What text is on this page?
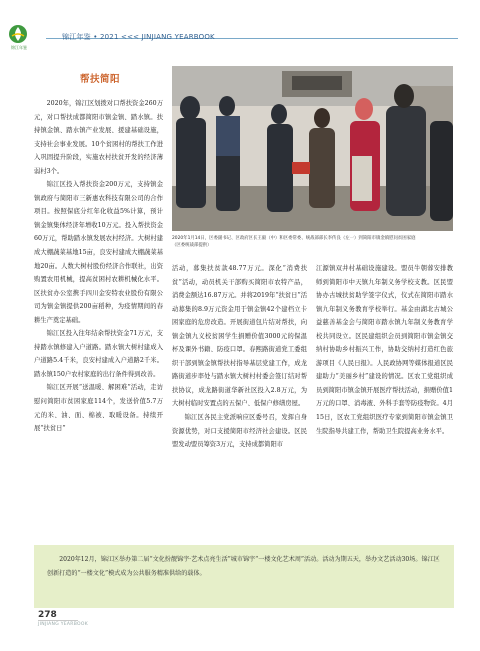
锦江年鉴
锦江年鉴 • 2021 <<< JINJIANG YEARBOOK
帮扶简阳

2020年，锦江区划拨对口帮扶资金260万元，对口帮扶成都简阳市镇金镇、踏水镇。扶持镇金镇、踏水镇产业发展、援建基础设施，支持社会事业发展。10个贫困村的帮扶工作进入巩固提升阶段，实施农村扶贫开发的经济薄弱村3个。

锦江区投入帮扶资金200万元，支持镇金镇政府与简阳市三新惠农科技有限公司的合作项目。按照保底分红年化收益5%计算，预计镇金镇集体经济年增收10万元。投入帮扶资金60万元，帮助踏水镇发展农村经济。大树村建成大棚蔬菜基地15亩，良安村建成大棚蔬菜基地20亩。人数大树村股份经济合作联社，出资购置农用机械，提高贫困村农耕机械化水平。区扶贫办公室携手四川金安特农业股份有限公司为镇金镇提供200亩稻种，为疫情期间的春耕生产奠定基础。

锦江区投入往年结余帮扶资金71万元，支持踏水镇修建入户道路。踏水镇大树村建成入户道路5.4千米，良安村建成入户道路2千米。踏水镇150户农村家庭的出行条件得到改善。

锦江区开展“送温暖、解困难”活动，走访慰问简阳市贫困家庭114个，发送价值5.7万元的米、油、面、棉被、取暖设备。持续开展“扶贫日”

2020年1月14日，区委副书记、区政府区长王毅（中）和区委常委、统战部部长李传良（左一）到简阳市镇金镇慰问贫困家庭　　　　　　　　　　　　（区委统战部提供）

活动，募集扶贫款48.77万元。深化“消费扶贫”活动，动员机关干部购买简阳市农特产品，消费金额达16.87万元。并将2019年“扶贫日”活动募集的8.9万元资金用于镇金镇42个建档立卡困家庭的危房改造。开展街道包片结对帮扶，向镇金镇九义校贫困学生捐赠价值3000元的保温杯及课外书籍、防疫口罩。春熙路街道党工委组织干部到镇金镇帮扶村指导基层党建工作，成龙路街道步率处与踏水镇大树村村委会签订结对帮扶协议，成龙路街道华新社区投入2.8万元，为大树村临时安置点的五保户、低保户修缮房屋。

锦江区各民主党派响应区委号召，发挥自身资源优势，对口支援简阳市经济社会建设。区民盟发动盟员筹资3万元，支持成都简阳市

江源镇双井村基础设施建设。盟员牛朝蓉安排教师到简阳市中天镇九年制义务学校支教。区民盟协办古城扶贫助学签字仪式，仪式在简阳市踏水镇九年制义务教育学校举行。基金由湖北古城公益慈善基金会与简阳市踏水镇九年制义务教育学校共同设立。区民建组织会员到简阳市镇金镇交纳村协助乡村振兴工作，协助交纳村打造红色旅游项目《人民日报》。人民政协网等媒体报道区民建助力“美丽乡村”建设的情况。区农工党组织成员到简阳市镇金镇开展医疗帮扶活动，捐赠价值1万元的口罩、消毒液、外科手套等防疫物资。4月15日，区农工党组织医疗专家到简阳市镇金镇卫生院指导共建工作，帮助卫生院提高业务水平。

2020年12月，锦江区举办第二届“文化扮靓锦宇·艺术点亮生活”城市锦宇“一楼文化艺术周”活动。活动为期五天，举办文艺活动30场。锦江区创新打造的“一楼文化”模式成为公共服务精准供给的载体。

278
JINJIANG YEARBOOK
